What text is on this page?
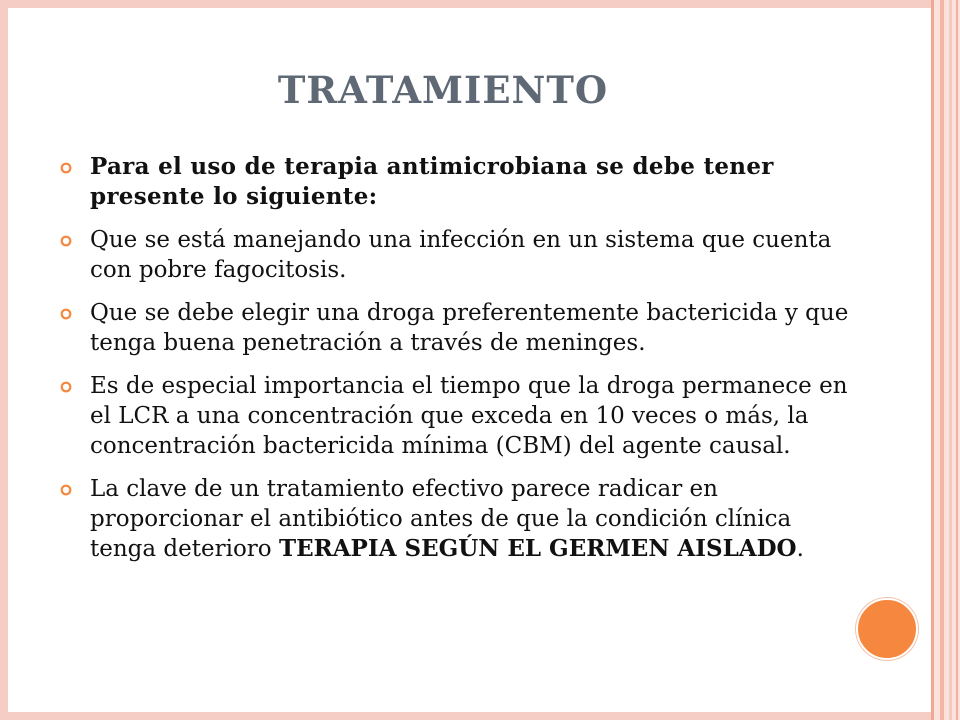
TRATAMIENTO
Para el uso de terapia antimicrobiana se debe tener presente lo siguiente:
Que se está manejando una infección en un sistema que cuenta con pobre fagocitosis.
Que se debe elegir una droga preferentemente bactericida y que tenga buena penetración a través de meninges.
Es de especial importancia el tiempo que la droga permanece en el LCR a una concentración que exceda en 10 veces o más, la concentración bactericida mínima (CBM) del agente causal.
La clave de un tratamiento efectivo parece radicar en proporcionar el antibiótico antes de que la condición clínica tenga deterioro TERAPIA SEGÚN EL GERMEN AISLADO.
